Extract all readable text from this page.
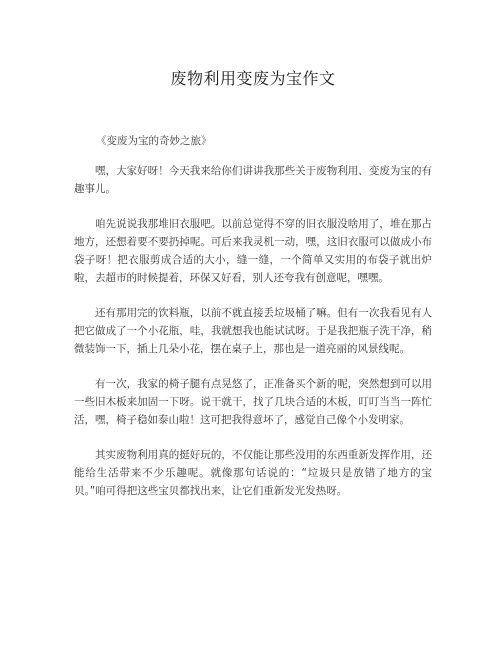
废物利用变废为宝作文

《变废为宝的奇妙之旅》

嘿，大家好呀！今天我来给你们讲讲我那些关于废物利用、变废为宝的有趣事儿。

咱先说说我那堆旧衣服吧。以前总觉得不穿的旧衣服没啥用了，堆在那占地方，还想着要不要扔掉呢。可后来我灵机一动，嘿，这旧衣服可以做成小布袋子呀！把衣服剪成合适的大小，缝一缝，一个简单又实用的布袋子就出炉啦，去超市的时候提着，环保又好看，别人还夸我有创意呢，嘿嘿。

还有那用完的饮料瓶，以前不就直接丢垃圾桶了嘛。但有一次我看见有人把它做成了一个小花瓶，哇，我就想我也能试试呀。于是我把瓶子洗干净，稍微装饰一下，插上几朵小花，摆在桌子上，那也是一道亮丽的风景线呢。

有一次，我家的椅子腿有点晃悠了，正准备买个新的呢，突然想到可以用一些旧木板来加固一下呀。说干就干，找了几块合适的木板，叮叮当当一阵忙活，嘿，椅子稳如泰山啦！这可把我得意坏了，感觉自己像个小发明家。

其实废物利用真的挺好玩的，不仅能让那些没用的东西重新发挥作用，还能给生活带来不少乐趣呢。就像那句话说的：“垃圾只是放错了地方的宝贝。”咱可得把这些宝贝都找出来，让它们重新发光发热呀。
